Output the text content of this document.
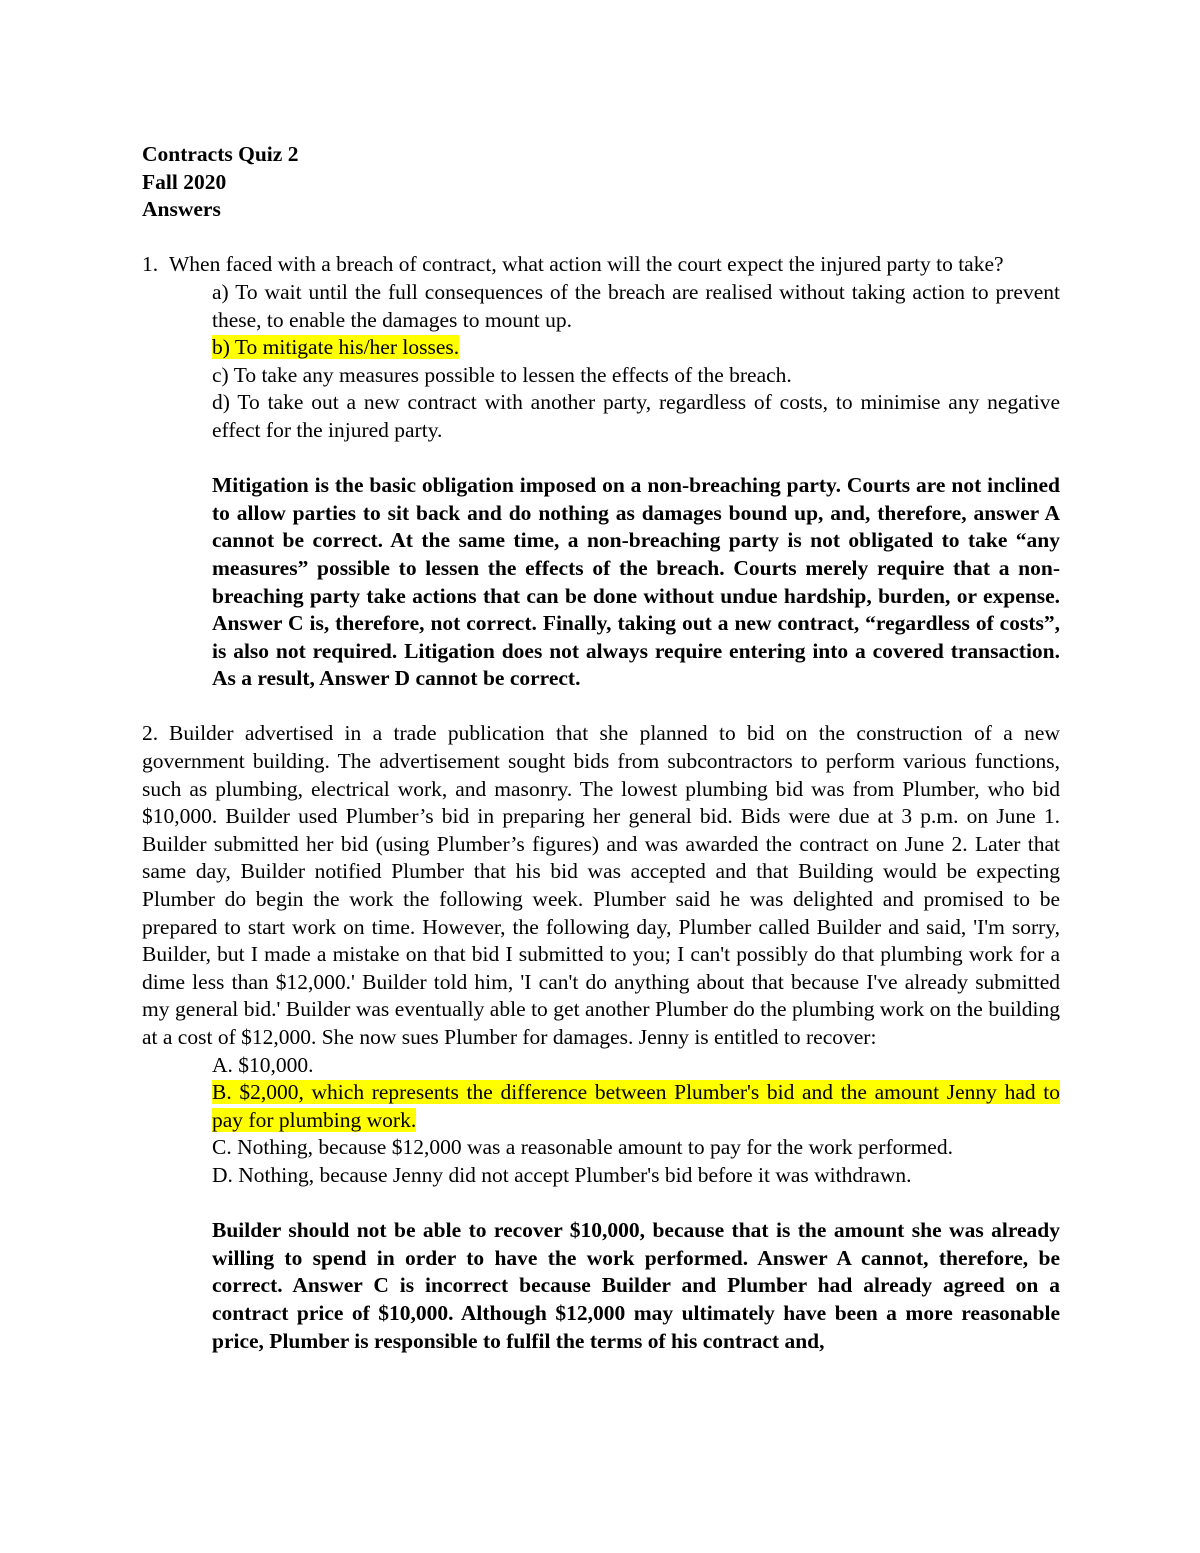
Contracts Quiz 2

Fall 2020

Answers

1. When faced with a breach of contract, what action will the court expect the injured party to take?

a) To wait until the full consequences of the breach are realised without taking action to prevent these, to enable the damages to mount up.

b) To mitigate his/her losses.

c) To take any measures possible to lessen the effects of the breach.

d) To take out a new contract with another party, regardless of costs, to minimise any negative effect for the injured party.

Mitigation is the basic obligation imposed on a non-breaching party. Courts are not inclined to allow parties to sit back and do nothing as damages bound up, and, therefore, answer A cannot be correct. At the same time, a non-breaching party is not obligated to take “any measures” possible to lessen the effects of the breach. Courts merely require that a non-breaching party take actions that can be done without undue hardship, burden, or expense. Answer C is, therefore, not correct. Finally, taking out a new contract, “regardless of costs”, is also not required. Litigation does not always require entering into a covered transaction. As a result, Answer D cannot be correct.

2. Builder advertised in a trade publication that she planned to bid on the construction of a new government building. The advertisement sought bids from subcontractors to perform various functions, such as plumbing, electrical work, and masonry. The lowest plumbing bid was from Plumber, who bid $10,000. Builder used Plumber’s bid in preparing her general bid. Bids were due at 3 p.m. on June 1. Builder submitted her bid (using Plumber’s figures) and was awarded the contract on June 2. Later that same day, Builder notified Plumber that his bid was accepted and that Building would be expecting Plumber do begin the work the following week. Plumber said he was delighted and promised to be prepared to start work on time. However, the following day, Plumber called Builder and said, 'I'm sorry, Builder, but I made a mistake on that bid I submitted to you; I can't possibly do that plumbing work for a dime less than $12,000.' Builder told him, 'I can't do anything about that because I've already submitted my general bid.' Builder was eventually able to get another Plumber do the plumbing work on the building at a cost of $12,000. She now sues Plumber for damages. Jenny is entitled to recover:

A. $10,000.

B. $2,000, which represents the difference between Plumber's bid and the amount Jenny had to pay for plumbing work.

C. Nothing, because $12,000 was a reasonable amount to pay for the work performed.

D. Nothing, because Jenny did not accept Plumber's bid before it was withdrawn.

Builder should not be able to recover $10,000, because that is the amount she was already willing to spend in order to have the work performed. Answer A cannot, therefore, be correct. Answer C is incorrect because Builder and Plumber had already agreed on a contract price of $10,000. Although $12,000 may ultimately have been a more reasonable price, Plumber is responsible to fulfil the terms of his contract and,
